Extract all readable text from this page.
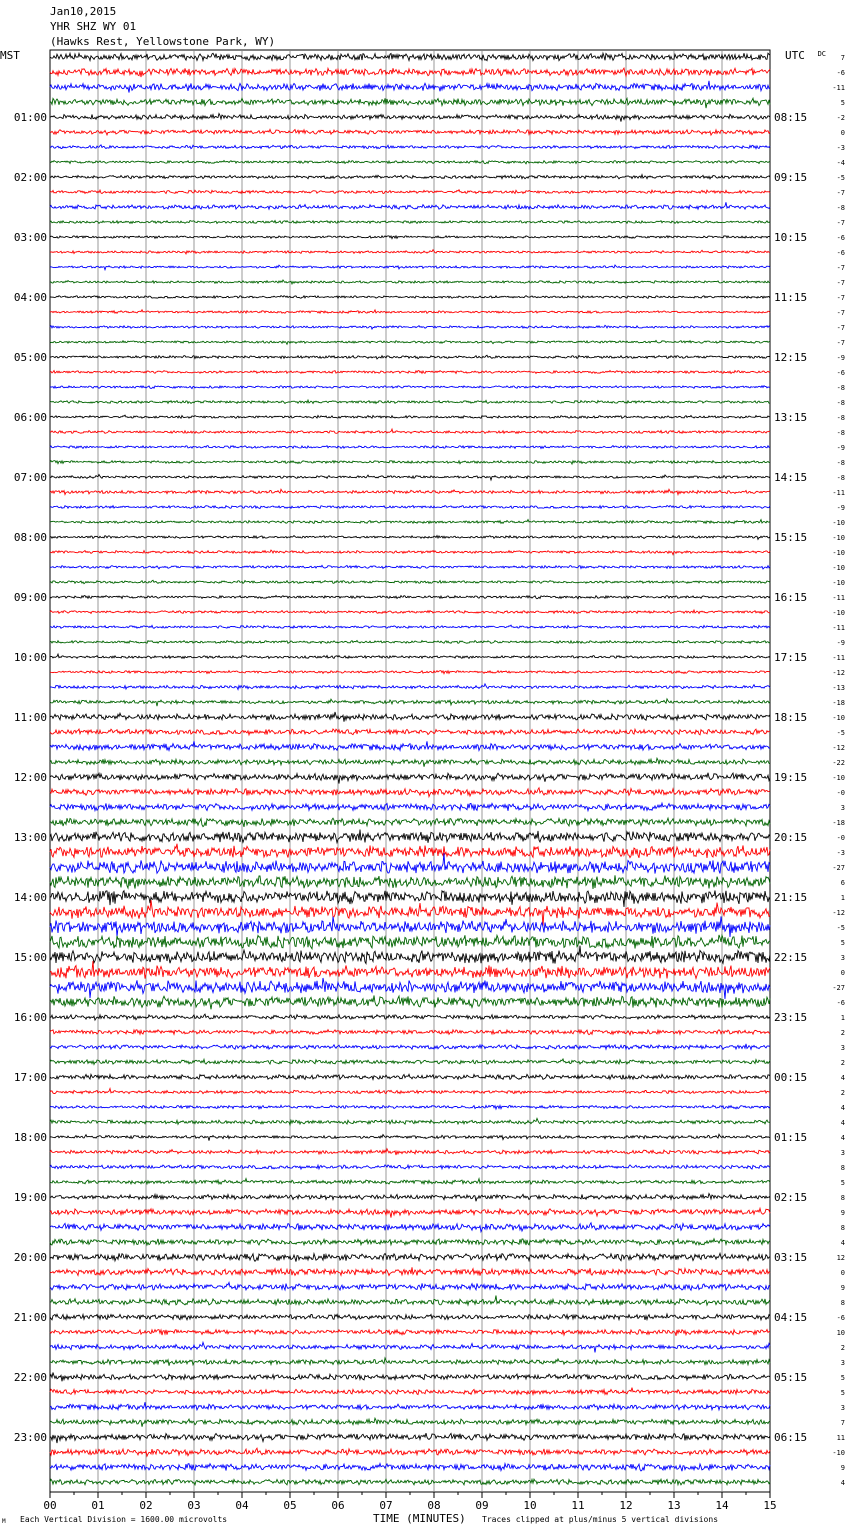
Jan10,2015
YHR SHZ WY 01
(Hawks Rest, Yellowstone Park, WY)
MST	UTC DC
00	01	02	03	04	05	06	07	08	09	10	11	12	13	14	15
7
-6
-11
5
-2
0
-3
-4
-5
-7
-8
-7
-6
-6
-7
-7
-7
-7
-7
-7
-9
-6
-8
-8
-8
-8
-9
-8
-8
-11
-9
-10
-10
-10
-10
-10
-11
-10
-11
-9
-11
-12
-13
-18
-10
-5
-12
-22
-10
-0
3
-18
-0
-3
-27
6
1
-12
-5
5
3
0
-27
-6
1
2
3
2
4
2
4
4
4
3
8
5
8
9
8
4
12
0
9
8
-6
10
2
3
5
5
3
7
11
-10
9
4
01:00	08:15
02:00	09:15
03:00	10:15
04:00	11:15
05:00	12:15
06:00	13:15
07:00	14:15
08:00	15:15
09:00	16:15
10:00	17:15
11:00	18:15
12:00	19:15
13:00	20:15
14:00	21:15
15:00	22:15
16:00	23:15
17:00	00:15
18:00	01:15
19:00	02:15
20:00	03:15
21:00	04:15
22:00	05:15
23:00	06:15
M Each Vertical Division = 1600.00 microvolts	TIME (MINUTES) Traces clipped at plus/minus 5 vertical divisions
